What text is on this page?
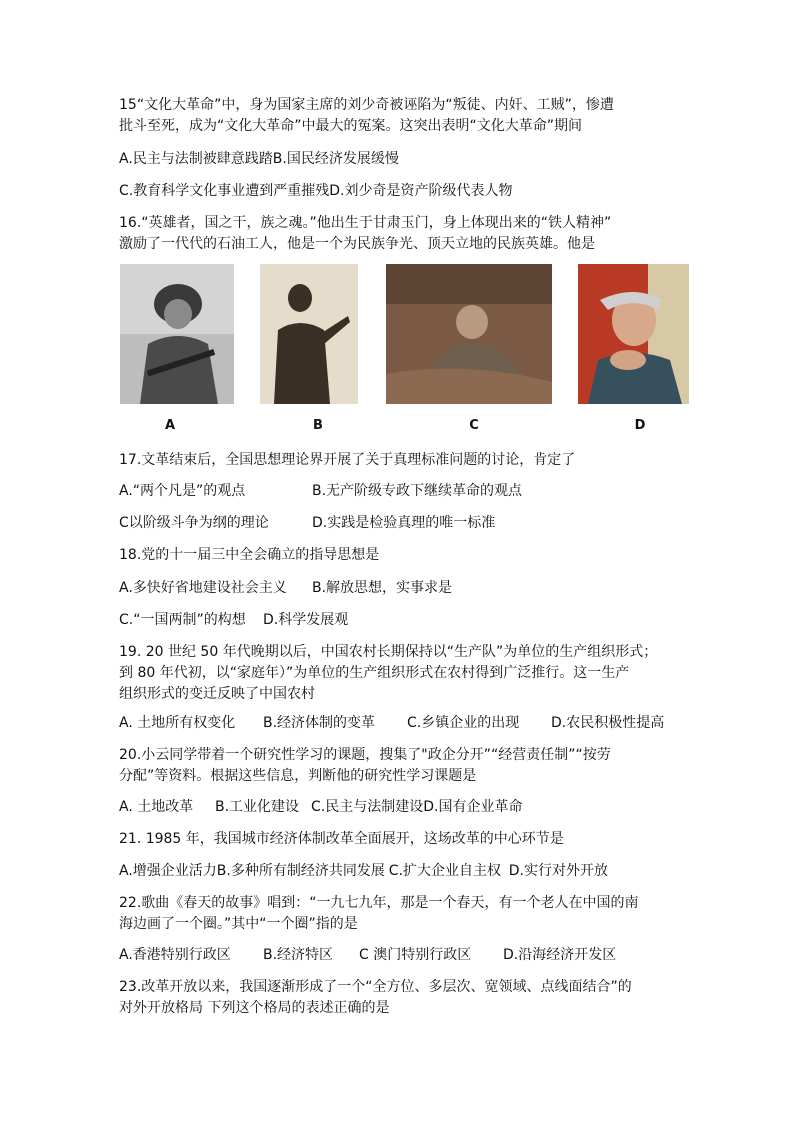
15“文化大革命”中，身为国家主席的刘少奇被诬陷为“叛徒、内奸、工贼”，惨遭
批斗至死，成为“文化大革命”中最大的冤案。这突出表明“文化大革命”期间
A.民主与法制被肆意践踏B.国民经济发展缓慢
C.教育科学文化事业遭到严重摧残D.刘少奇是资产阶级代表人物
16.“英雄者，国之干，族之魂。”他出生于甘肃玉门，身上体现出来的“铁人精神”
激励了一代代的石油工人，他是一个为民族争光、顶天立地的民族英雄。他是
A	B	C	D
17.文革结束后，全国思想理论界开展了关于真理标准问题的讨论，肯定了
A.“两个凡是”的观点	B.无产阶级专政下继续革命的观点
C以阶级斗争为纲的理论	D.实践是检验真理的唯一标准
18.党的十一届三中全会确立的指导思想是
A.多快好省地建设社会主义 B.解放思想，实事求是
C.“一国两制”的构想 D.科学发展观
19. 20 世纪 50 年代晚期以后，中国农村长期保持以“生产队”为单位的生产组织形式；
到 80 年代初，以“家庭年）”为单位的生产组织形式在农村得到广泛推行。这一生产
组织形式的变迁反映了中国农村
A. 土地所有权变化 B.经济体制的变革 C.乡镇企业的出现 D.农民积极性提高
20.小云同学带着一个研究性学习的课题，搜集了"政企分开”“经营责任制”“按劳
分配”等资料。根据这些信息，判断他的研究性学习课题是
A. 土地改革 B.工业化建设 C.民主与法制建设D.国有企业革命
21. 1985 年，我国城市经济体制改革全面展开，这场改革的中心环节是
A.增强企业活力B.多种所有制经济共同发展 C.扩大企业自主权 D.实行对外开放
22.歌曲《春天的故事》唱到：“一九七九年，那是一个春天，有一个老人在中国的南
海边画了一个圈。”其中“一个圈”指的是
A.香港特别行政区 B.经济特区 C 澳门特别行政区 D.沿海经济开发区
23.改革开放以来，我国逐渐形成了一个“全方位、多层次、宽领域、点线面结合”的
对外开放格局 下列这个格局的表述正确的是
